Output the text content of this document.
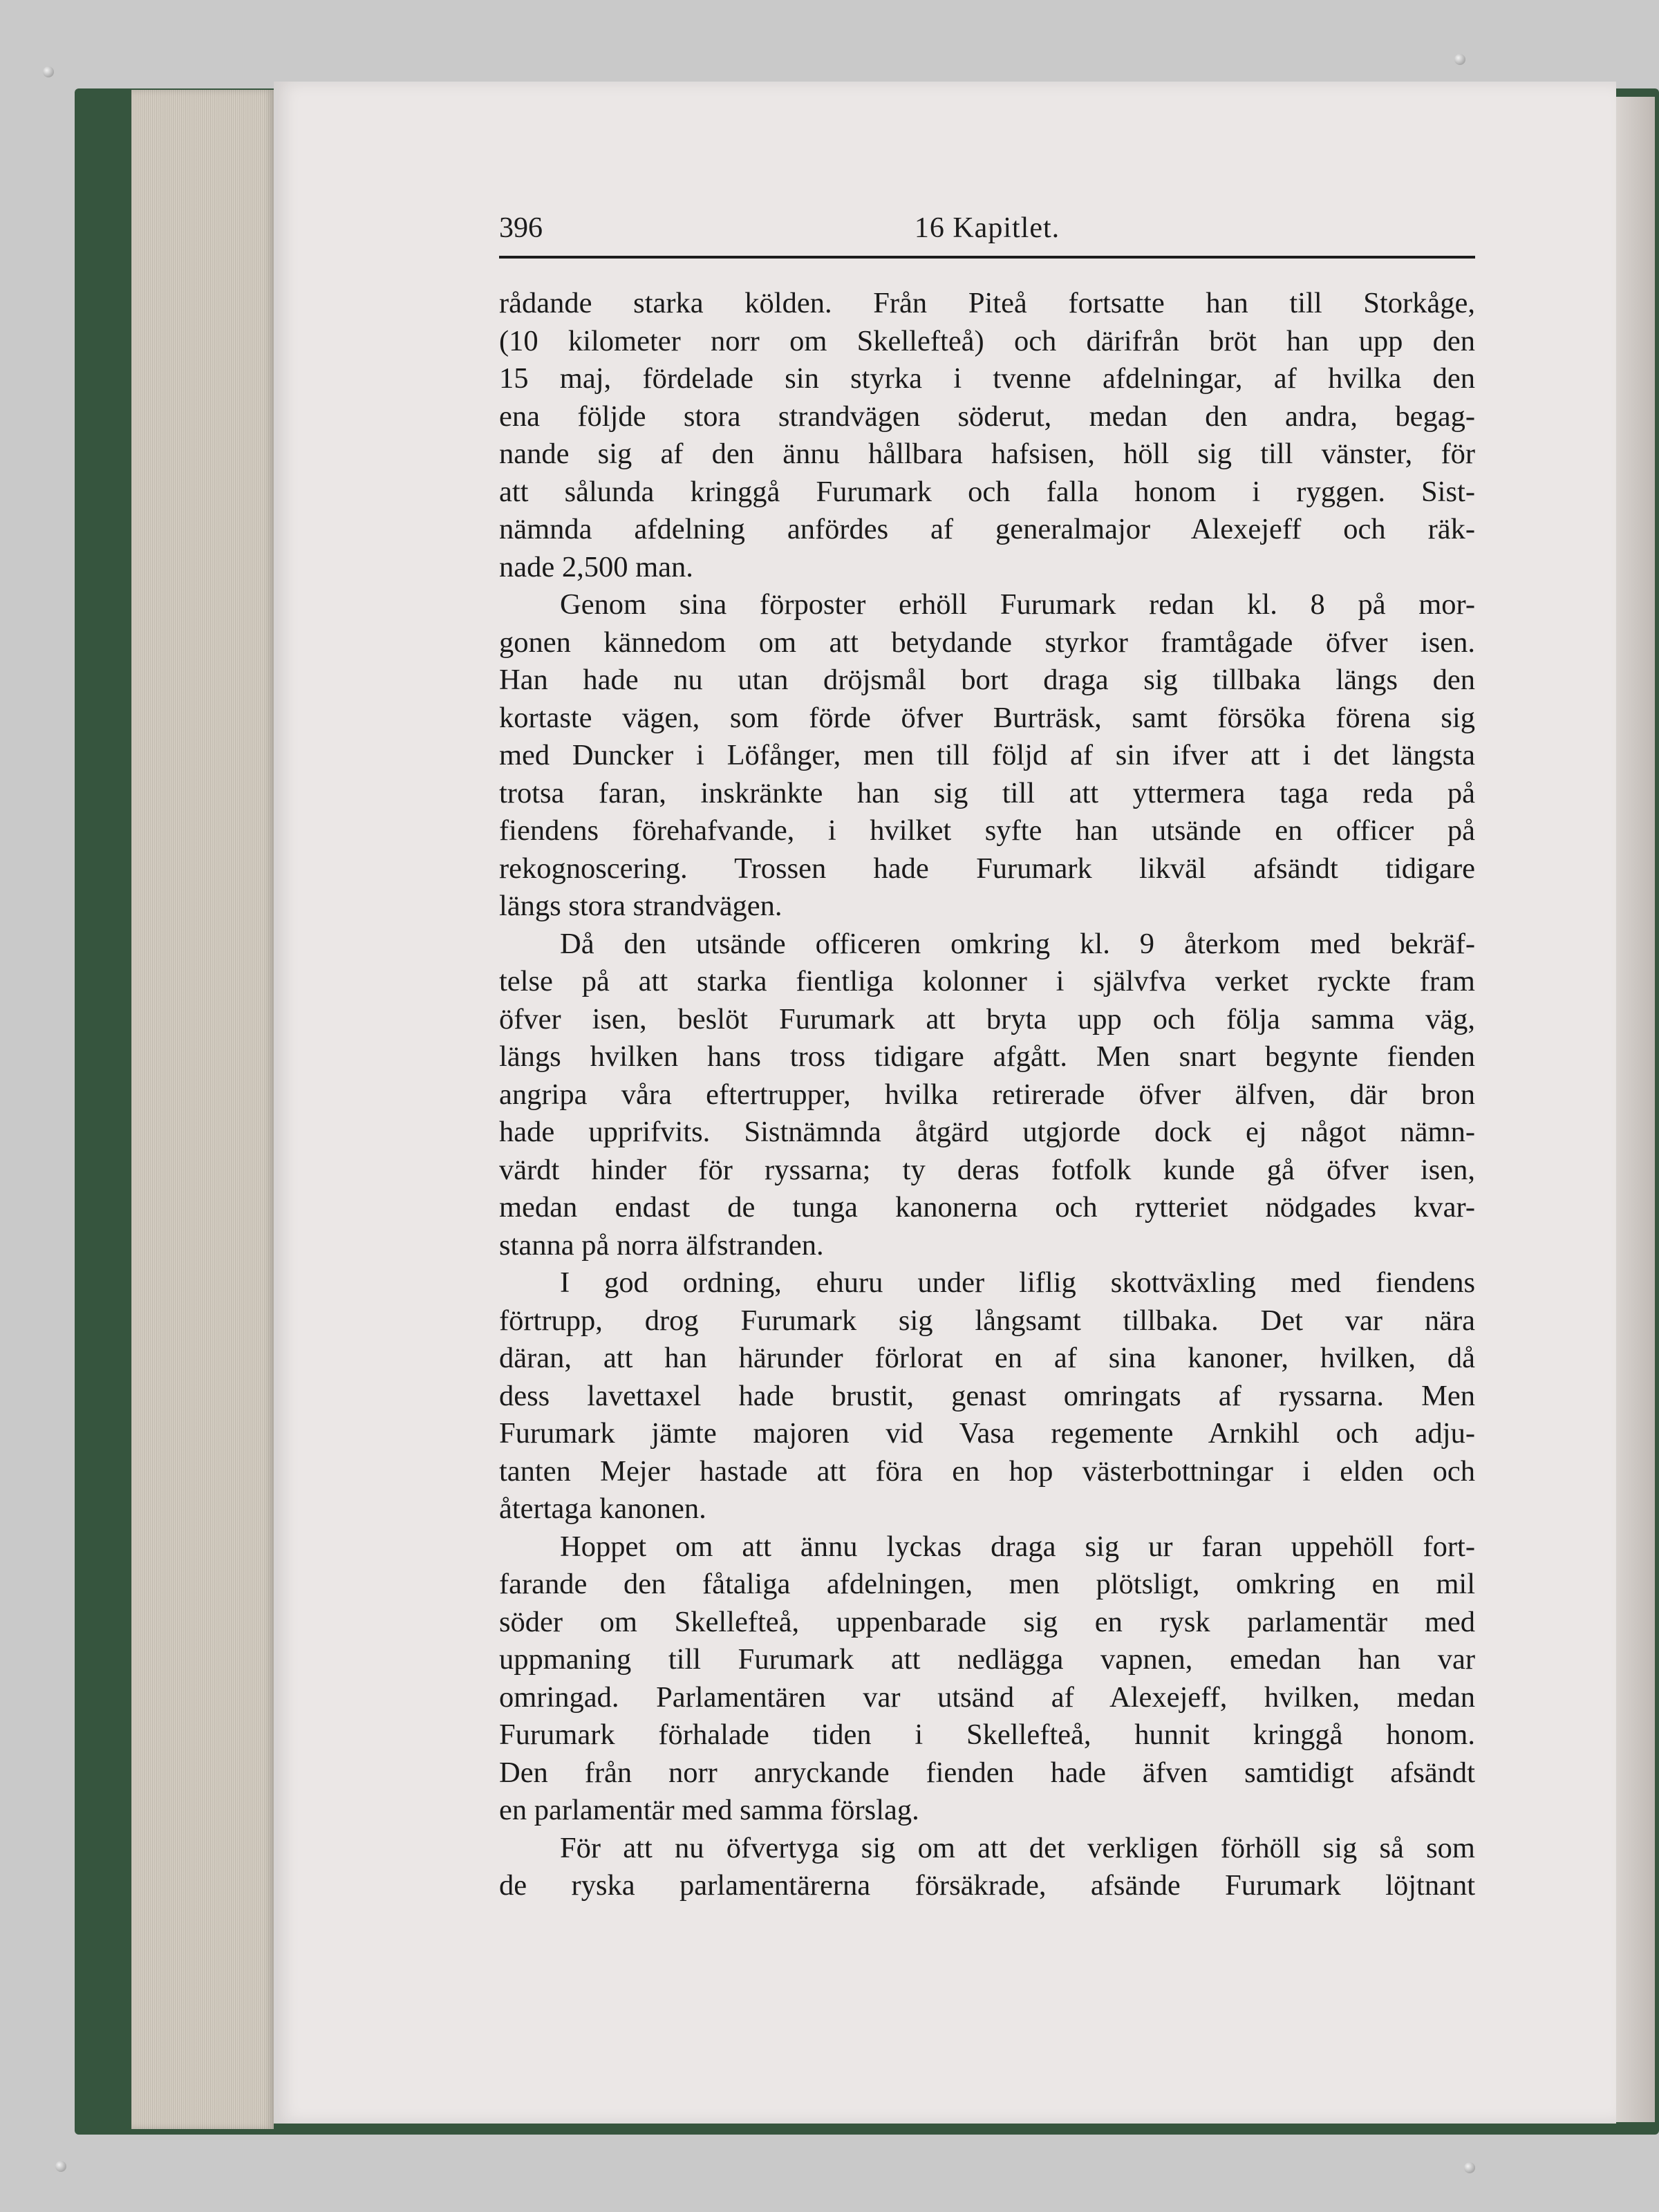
396	16 Kapitlet.
rådande starka kölden. Från Piteå fortsatte han till Storkåge,
(10 kilometer norr om Skellefteå) och därifrån bröt han upp den
15 maj, fördelade sin styrka i tvenne afdelningar, af hvilka den
ena följde stora strandvägen söderut, medan den andra, begag-
nande sig af den ännu hållbara hafsisen, höll sig till vänster, för
att sålunda kringgå Furumark och falla honom i ryggen. Sist-
nämnda afdelning anfördes af generalmajor Alexejeff och räk-
nade 2,500 man.
Genom sina förposter erhöll Furumark redan kl. 8 på mor-
gonen kännedom om att betydande styrkor framtågade öfver isen.
Han hade nu utan dröjsmål bort draga sig tillbaka längs den
kortaste vägen, som förde öfver Burträsk, samt försöka förena sig
med Duncker i Löfånger, men till följd af sin ifver att i det längsta
trotsa faran, inskränkte han sig till att yttermera taga reda på
fiendens förehafvande, i hvilket syfte han utsände en officer på
rekognoscering. Trossen hade Furumark likväl afsändt tidigare
längs stora strandvägen.
Då den utsände officeren omkring kl. 9 återkom med bekräf-
telse på att starka fientliga kolonner i självfva verket ryckte fram
öfver isen, beslöt Furumark att bryta upp och följa samma väg,
längs hvilken hans tross tidigare afgått. Men snart begynte fienden
angripa våra eftertrupper, hvilka retirerade öfver älfven, där bron
hade upprifvits. Sistnämnda åtgärd utgjorde dock ej något nämn-
värdt hinder för ryssarna; ty deras fotfolk kunde gå öfver isen,
medan endast de tunga kanonerna och rytteriet nödgades kvar-
stanna på norra älfstranden.
I god ordning, ehuru under liflig skottväxling med fiendens
förtrupp, drog Furumark sig långsamt tillbaka. Det var nära
däran, att han härunder förlorat en af sina kanoner, hvilken, då
dess lavettaxel hade brustit, genast omringats af ryssarna. Men
Furumark jämte majoren vid Vasa regemente Arnkihl och adju-
tanten Mejer hastade att föra en hop västerbottningar i elden och
återtaga kanonen.
Hoppet om att ännu lyckas draga sig ur faran uppehöll fort-
farande den fåtaliga afdelningen, men plötsligt, omkring en mil
söder om Skellefteå, uppenbarade sig en rysk parlamentär med
uppmaning till Furumark att nedlägga vapnen, emedan han var
omringad. Parlamentären var utsänd af Alexejeff, hvilken, medan
Furumark förhalade tiden i Skellefteå, hunnit kringgå honom.
Den från norr anryckande fienden hade äfven samtidigt afsändt
en parlamentär med samma förslag.
För att nu öfvertyga sig om att det verkligen förhöll sig så som
de ryska parlamentärerna försäkrade, afsände Furumark löjtnant
